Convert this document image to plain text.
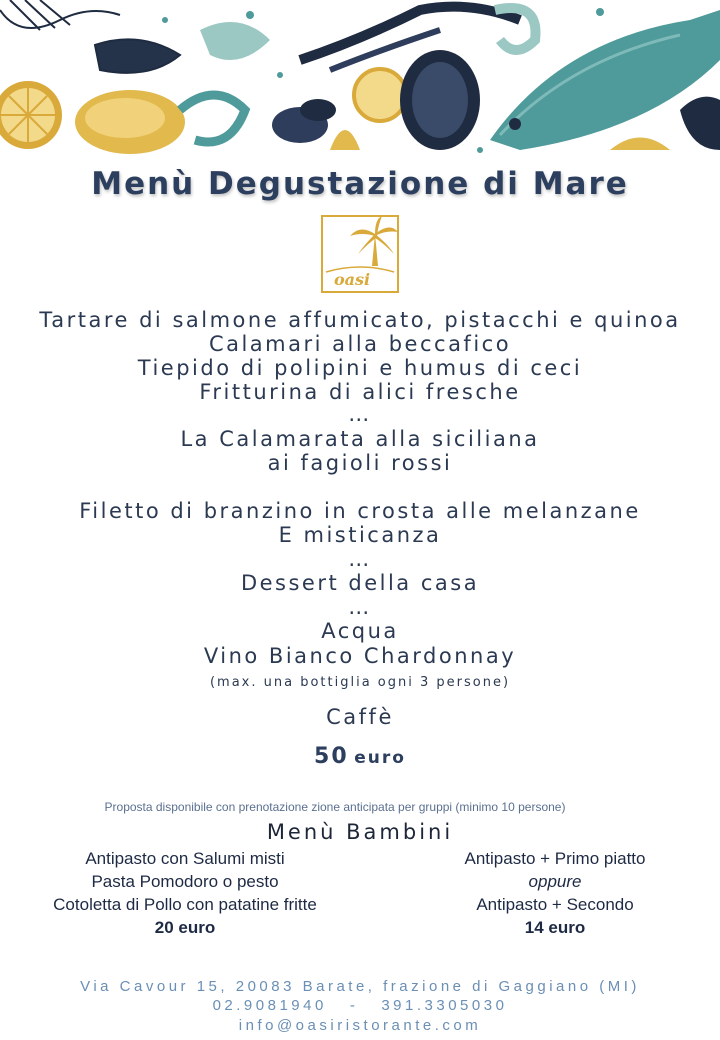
Menù Degustazione di Mare
oasi
Tartare di salmone affumicato, pistacchi e quinoa
Calamari alla beccafico
Tiepido di polipini e humus di ceci
Fritturina di alici fresche
…
La Calamarata alla siciliana
ai fagioli rossi
Filetto di branzino in crosta alle melanzane
E misticanza
…
Dessert della casa
…
Acqua
Vino Bianco Chardonnay
(max. una bottiglia ogni 3 persone)
Caffè
50 euro
Proposta disponibile con prenotazione zione anticipata per gruppi (minimo 10 persone)
Menù Bambini
Antipasto con Salumi misti
Pasta Pomodoro o pesto
Cotoletta di Pollo con patatine fritte
20 euro
Antipasto + Primo piatto
oppure
Antipasto + Secondo
14 euro
Via Cavour 15, 20083 Barate, frazione di Gaggiano (MI)
02.9081940   -   391.3305030
info@oasiristorante.com
